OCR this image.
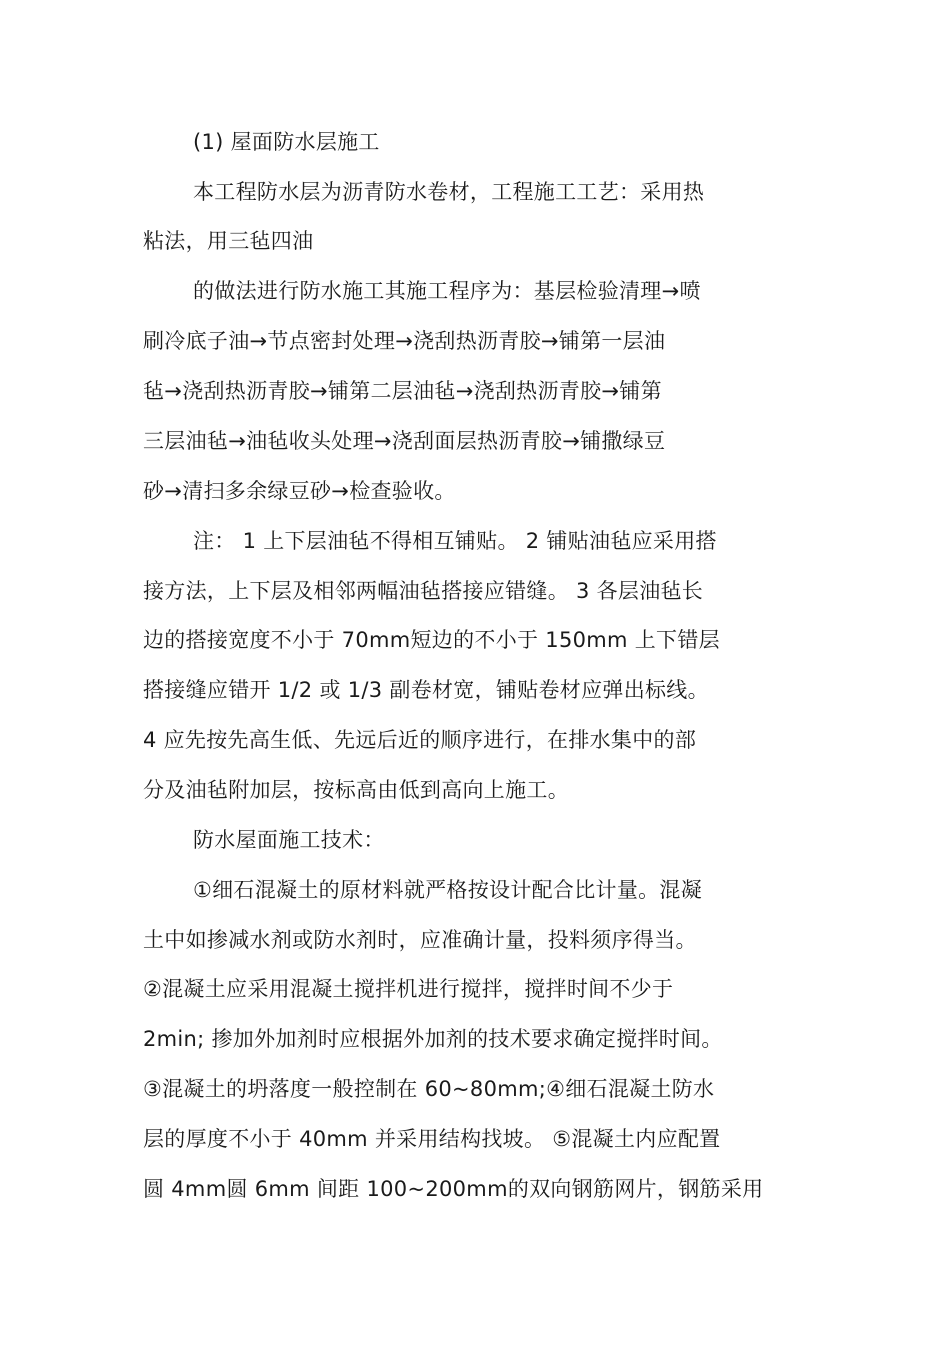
(1) 屋面防水层施工
本工程防水层为沥青防水卷材，工程施工工艺：采用热
粘法，用三毡四油
的做法进行防水施工其施工程序为：基层检验清理→喷
刷冷底子油→节点密封处理→浇刮热沥青胶→铺第一层油
毡→浇刮热沥青胶→铺第二层油毡→浇刮热沥青胶→铺第
三层油毡→油毡收头处理→浇刮面层热沥青胶→铺撒绿豆
砂→清扫多余绿豆砂→检查验收。
注： 1 上下层油毡不得相互铺贴。 2 铺贴油毡应采用搭
接方法，上下层及相邻两幅油毡搭接应错缝。 3 各层油毡长
边的搭接宽度不小于 70mm短边的不小于 150mm 上下错层
搭接缝应错开 1/2 或 1/3 副卷材宽，铺贴卷材应弹出标线。
4 应先按先高生低、先远后近的顺序进行，在排水集中的部
分及油毡附加层，按标高由低到高向上施工。
防水屋面施工技术：
①细石混凝土的原材料就严格按设计配合比计量。混凝
土中如掺减水剂或防水剂时，应准确计量，投料须序得当。
②混凝土应采用混凝土搅拌机进行搅拌，搅拌时间不少于
2min; 掺加外加剂时应根据外加剂的技术要求确定搅拌时间。
③混凝土的坍落度一般控制在 60~80mm;④细石混凝土防水
层的厚度不小于 40mm 并采用结构找坡。 ⑤混凝土内应配置
圆 4mm圆 6mm 间距 100~200mm的双向钢筋网片，钢筋采用
